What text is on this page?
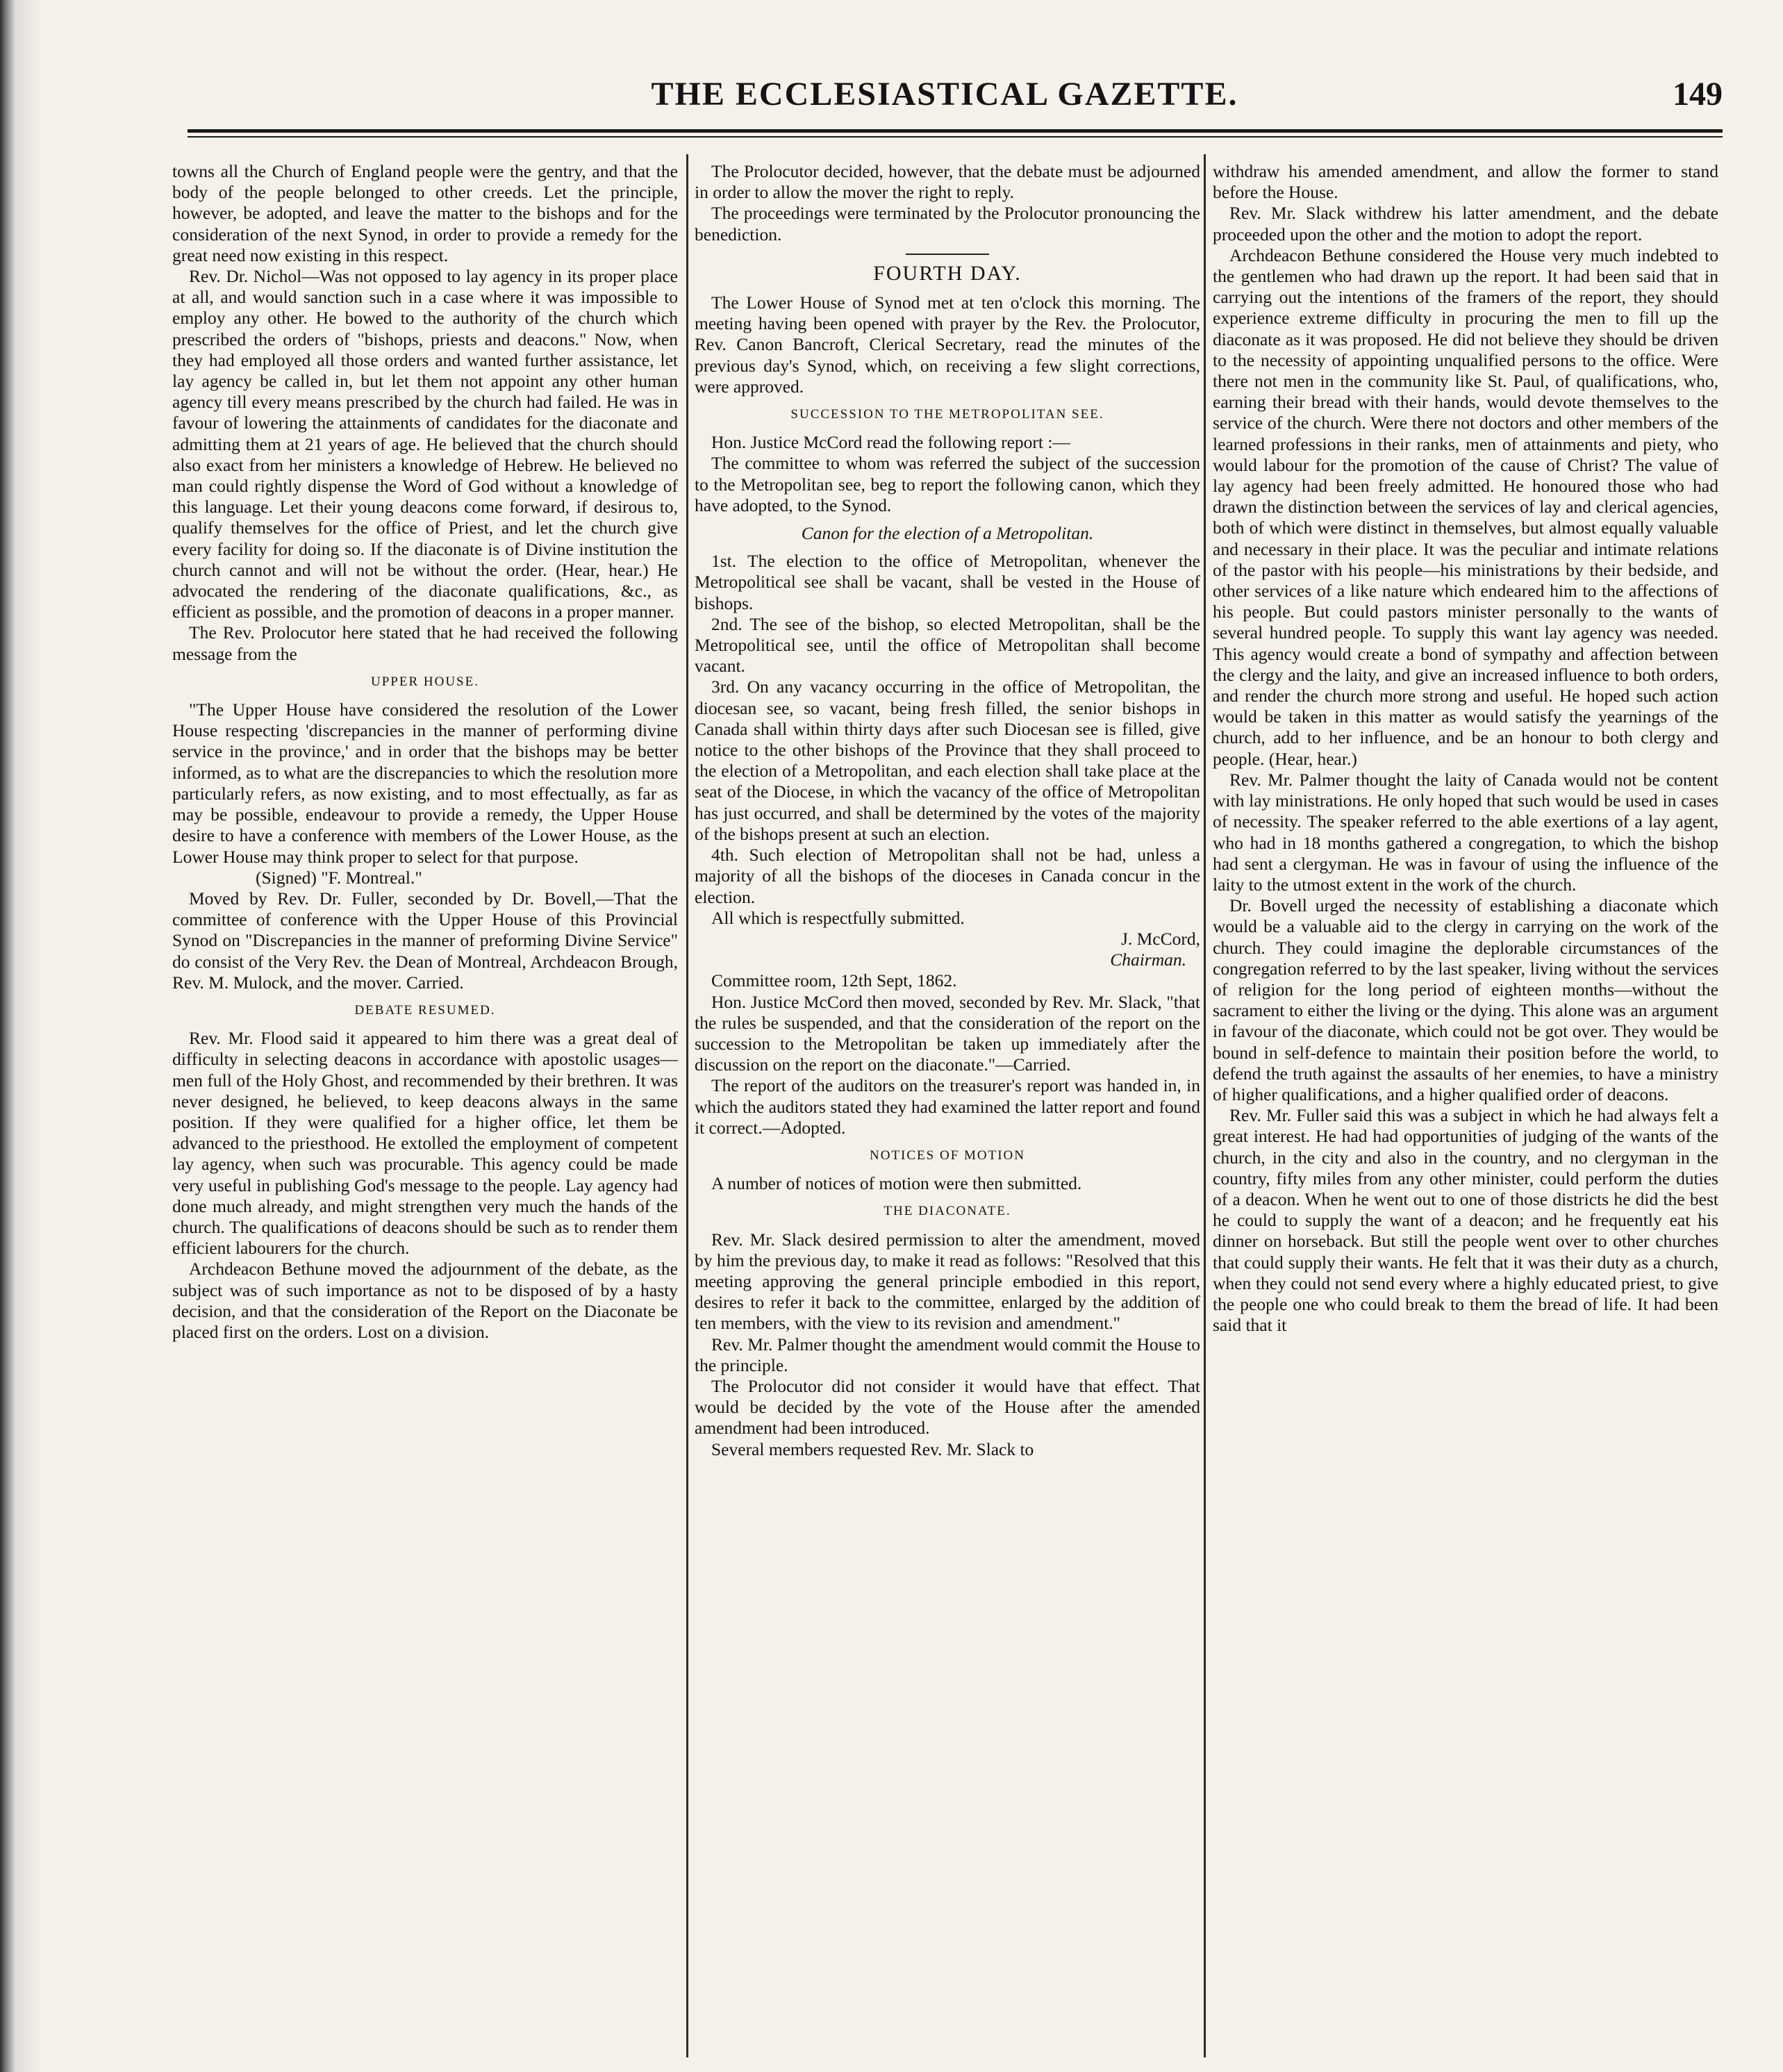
THE ECCLESIASTICAL GAZETTE.	149

towns all the Church of England people were the gentry, and that the body of the people belonged to other creeds. Let the principle, however, be adopted, and leave the matter to the bishops and for the consideration of the next Synod, in order to provide a remedy for the great need now existing in this respect.

Rev. Dr. Nichol—Was not opposed to lay agency in its proper place at all, and would sanction such in a case where it was impossible to employ any other. He bowed to the authority of the church which prescribed the orders of "bishops, priests and deacons." Now, when they had employed all those orders and wanted further assistance, let lay agency be called in, but let them not appoint any other human agency till every means prescribed by the church had failed. He was in favour of lowering the attainments of candidates for the diaconate and admitting them at 21 years of age. He believed that the church should also exact from her ministers a knowledge of Hebrew. He believed no man could rightly dispense the Word of God without a knowledge of this language. Let their young deacons come forward, if desirous to, qualify themselves for the office of Priest, and let the church give every facility for doing so. If the diaconate is of Divine institution the church cannot and will not be without the order. (Hear, hear.) He advocated the rendering of the diaconate qualifications, &c., as efficient as possible, and the promotion of deacons in a proper manner.

The Rev. Prolocutor here stated that he had received the following message from the

UPPER HOUSE.

"The Upper House have considered the resolution of the Lower House respecting 'discrepancies in the manner of performing divine service in the province,' and in order that the bishops may be better informed, as to what are the discrepancies to which the resolution more particularly refers, as now existing, and to most effectually, as far as may be possible, endeavour to provide a remedy, the Upper House desire to have a conference with members of the Lower House, as the Lower House may think proper to select for that purpose.

(Signed) "F. Montreal."

Moved by Rev. Dr. Fuller, seconded by Dr. Bovell,—That the committee of conference with the Upper House of this Provincial Synod on "Discrepancies in the manner of preforming Divine Service" do consist of the Very Rev. the Dean of Montreal, Archdeacon Brough, Rev. M. Mulock, and the mover. Carried.

DEBATE RESUMED.

Rev. Mr. Flood said it appeared to him there was a great deal of difficulty in selecting deacons in accordance with apostolic usages—men full of the Holy Ghost, and recommended by their brethren. It was never designed, he believed, to keep deacons always in the same position. If they were qualified for a higher office, let them be advanced to the priesthood. He extolled the employment of competent lay agency, when such was procurable. This agency could be made very useful in publishing God's message to the people. Lay agency had done much already, and might strengthen very much the hands of the church. The qualifications of deacons should be such as to render them efficient labourers for the church.

Archdeacon Bethune moved the adjournment of the debate, as the subject was of such importance as not to be disposed of by a hasty decision, and that the consideration of the Report on the Diaconate be placed first on the orders. Lost on a division.

The Prolocutor decided, however, that the debate must be adjourned in order to allow the mover the right to reply.

The proceedings were terminated by the Prolocutor pronouncing the benediction.

FOURTH DAY.

The Lower House of Synod met at ten o'clock this morning. The meeting having been opened with prayer by the Rev. the Prolocutor, Rev. Canon Bancroft, Clerical Secretary, read the minutes of the previous day's Synod, which, on receiving a few slight corrections, were approved.

SUCCESSION TO THE METROPOLITAN SEE.

Hon. Justice McCord read the following report :—

The committee to whom was referred the subject of the succession to the Metropolitan see, beg to report the following canon, which they have adopted, to the Synod.

Canon for the election of a Metropolitan.

1st. The election to the office of Metropolitan, whenever the Metropolitical see shall be vacant, shall be vested in the House of bishops.

2nd. The see of the bishop, so elected Metropolitan, shall be the Metropolitical see, until the office of Metropolitan shall become vacant.

3rd. On any vacancy occurring in the office of Metropolitan, the diocesan see, so vacant, being fresh filled, the senior bishops in Canada shall within thirty days after such Diocesan see is filled, give notice to the other bishops of the Province that they shall proceed to the election of a Metropolitan, and each election shall take place at the seat of the Diocese, in which the vacancy of the office of Metropolitan has just occurred, and shall be determined by the votes of the majority of the bishops present at such an election.

4th. Such election of Metropolitan shall not be had, unless a majority of all the bishops of the dioceses in Canada concur in the election.

All which is respectfully submitted.

J. McCord,

Chairman.

Committee room, 12th Sept, 1862.

Hon. Justice McCord then moved, seconded by Rev. Mr. Slack, "that the rules be suspended, and that the consideration of the report on the succession to the Metropolitan be taken up immediately after the discussion on the report on the diaconate."—Carried.

The report of the auditors on the treasurer's report was handed in, in which the auditors stated they had examined the latter report and found it correct.—Adopted.

NOTICES OF MOTION

A number of notices of motion were then submitted.

THE DIACONATE.

Rev. Mr. Slack desired permission to alter the amendment, moved by him the previous day, to make it read as follows: "Resolved that this meeting approving the general principle embodied in this report, desires to refer it back to the committee, enlarged by the addition of ten members, with the view to its revision and amendment."

Rev. Mr. Palmer thought the amendment would commit the House to the principle.

The Prolocutor did not consider it would have that effect. That would be decided by the vote of the House after the amended amendment had been introduced.

Several members requested Rev. Mr. Slack to

withdraw his amended amendment, and allow the former to stand before the House.

Rev. Mr. Slack withdrew his latter amendment, and the debate proceeded upon the other and the motion to adopt the report.

Archdeacon Bethune considered the House very much indebted to the gentlemen who had drawn up the report. It had been said that in carrying out the intentions of the framers of the report, they should experience extreme difficulty in procuring the men to fill up the diaconate as it was proposed. He did not believe they should be driven to the necessity of appointing unqualified persons to the office. Were there not men in the community like St. Paul, of qualifications, who, earning their bread with their hands, would devote themselves to the service of the church. Were there not doctors and other members of the learned professions in their ranks, men of attainments and piety, who would labour for the promotion of the cause of Christ? The value of lay agency had been freely admitted. He honoured those who had drawn the distinction between the services of lay and clerical agencies, both of which were distinct in themselves, but almost equally valuable and necessary in their place. It was the peculiar and intimate relations of the pastor with his people—his ministrations by their bedside, and other services of a like nature which endeared him to the affections of his people. But could pastors minister personally to the wants of several hundred people. To supply this want lay agency was needed. This agency would create a bond of sympathy and affection between the clergy and the laity, and give an increased influence to both orders, and render the church more strong and useful. He hoped such action would be taken in this matter as would satisfy the yearnings of the church, add to her influence, and be an honour to both clergy and people. (Hear, hear.)

Rev. Mr. Palmer thought the laity of Canada would not be content with lay ministrations. He only hoped that such would be used in cases of necessity. The speaker referred to the able exertions of a lay agent, who had in 18 months gathered a congregation, to which the bishop had sent a clergyman. He was in favour of using the influence of the laity to the utmost extent in the work of the church.

Dr. Bovell urged the necessity of establishing a diaconate which would be a valuable aid to the clergy in carrying on the work of the church. They could imagine the deplorable circumstances of the congregation referred to by the last speaker, living without the services of religion for the long period of eighteen months—without the sacrament to either the living or the dying. This alone was an argument in favour of the diaconate, which could not be got over. They would be bound in self-defence to maintain their position before the world, to defend the truth against the assaults of her enemies, to have a ministry of higher qualifications, and a higher qualified order of deacons.

Rev. Mr. Fuller said this was a subject in which he had always felt a great interest. He had had opportunities of judging of the wants of the church, in the city and also in the country, and no clergyman in the country, fifty miles from any other minister, could perform the duties of a deacon. When he went out to one of those districts he did the best he could to supply the want of a deacon; and he frequently eat his dinner on horseback. But still the people went over to other churches that could supply their wants. He felt that it was their duty as a church, when they could not send every where a highly educated priest, to give the people one who could break to them the bread of life. It had been said that it
